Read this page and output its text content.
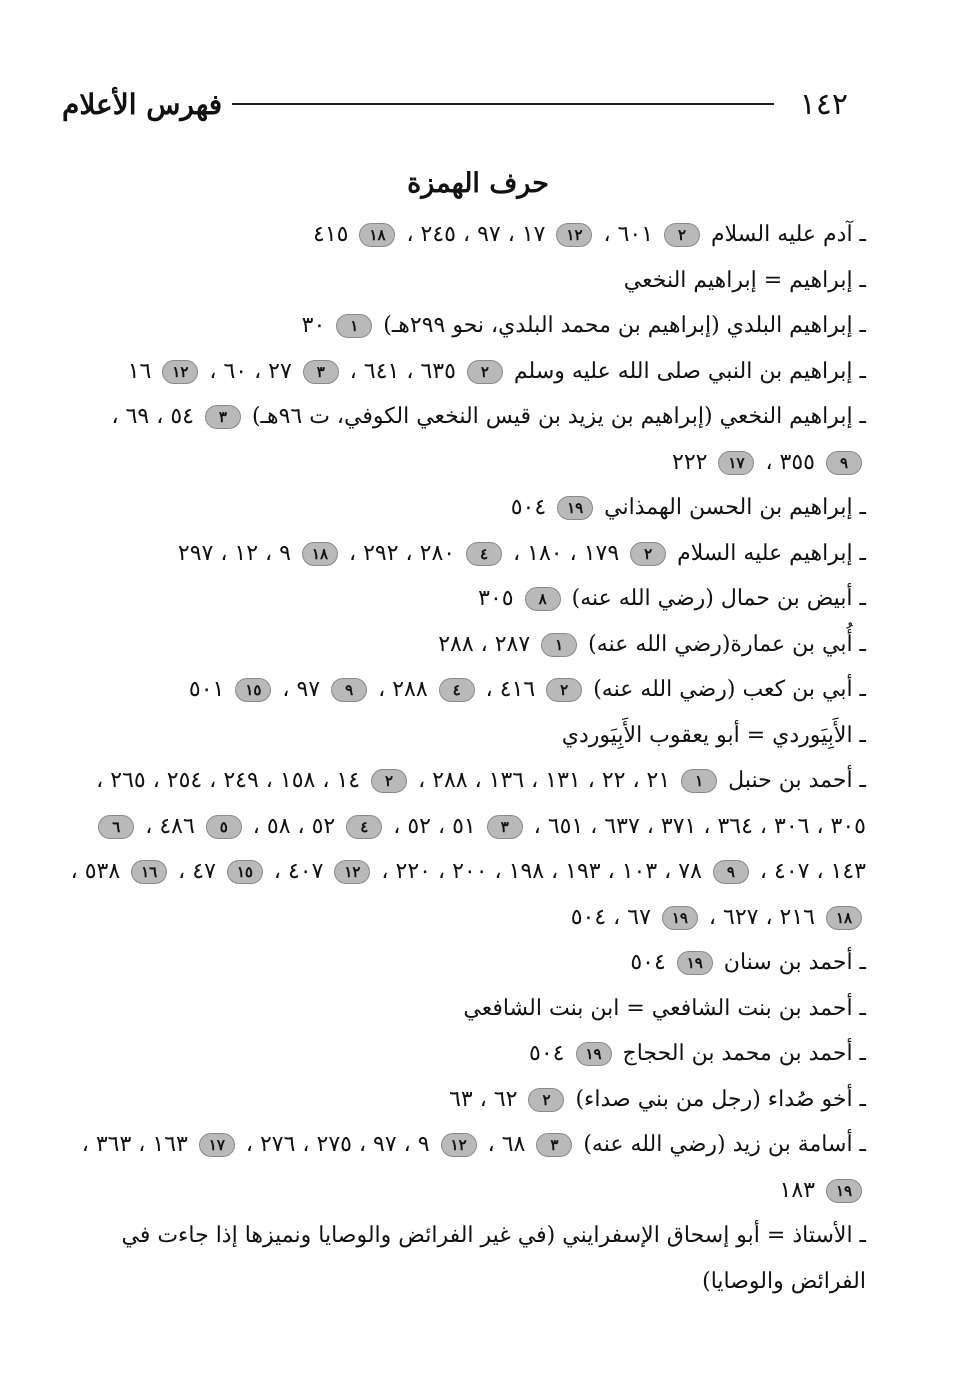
١٤٢
فهرس الأعلام
حرف الهمزة

ـ آدم عليه السلام ٢ ٦٠١ ، ١٢ ١٧ ، ٩٧ ، ٢٤٥ ، ١٨ ٤١٥

ـ إبراهيم = إبراهيم النخعي

ـ إبراهيم البلدي (إبراهيم بن محمد البلدي، نحو ٢٩٩هـ) ١ ٣٠

ـ إبراهيم بن النبي صلى الله عليه وسلم ٢ ٦٣٥ ، ٦٤١ ، ٣ ٢٧ ، ٦٠ ، ١٢ ١٦

ـ إبراهيم النخعي (إبراهيم بن يزيد بن قيس النخعي الكوفي، ت ٩٦هـ) ٣ ٥٤ ، ٦٩ ، ٩ ٣٥٥ ، ١٧ ٢٢٢

ـ إبراهيم بن الحسن الهمذاني ١٩ ٥٠٤

ـ إبراهيم عليه السلام ٢ ١٧٩ ، ١٨٠ ، ٤ ٢٨٠ ، ٢٩٢ ، ١٨ ٩ ، ١٢ ، ٢٩٧

ـ أبيض بن حمال (رضي الله عنه) ٨ ٣٠٥

ـ أُبي بن عمارة(رضي الله عنه) ١ ٢٨٧ ، ٢٨٨

ـ أبي بن كعب (رضي الله عنه) ٢ ٤١٦ ، ٤ ٢٨٨ ، ٩ ٩٧ ، ١٥ ٥٠١

ـ الأَبِيَوردي = أبو يعقوب الأَبِيَوردي

ـ أحمد بن حنبل ١ ٢١ ، ٢٢ ، ١٣١ ، ١٣٦ ، ٢٨٨ ، ٢ ١٤ ، ١٥٨ ، ٢٤٩ ، ٢٥٤ ، ٢٦٥ ، ٣٠٥ ، ٣٠٦ ، ٣٦٤ ، ٣٧١ ، ٦٣٧ ، ٦٥١ ، ٣ ٥١ ، ٥٢ ، ٤ ٥٢ ، ٥٨ ، ٥ ٤٨٦ ، ٦ ١٤٣ ، ٤٠٧ ، ٩ ٧٨ ، ١٠٣ ، ١٩٣ ، ١٩٨ ، ٢٠٠ ، ٢٢٠ ، ١٢ ٤٠٧ ، ١٥ ٤٧ ، ١٦ ٥٣٨ ، ١٨ ٢١٦ ، ٦٢٧ ، ١٩ ٦٧ ، ٥٠٤

ـ أحمد بن سنان ١٩ ٥٠٤

ـ أحمد بن بنت الشافعي = ابن بنت الشافعي

ـ أحمد بن محمد بن الحجاج ١٩ ٥٠٤

ـ أخو صُداء (رجل من بني صداء) ٢ ٦٢ ، ٦٣

ـ أسامة بن زيد (رضي الله عنه) ٣ ٦٨ ، ١٢ ٩ ، ٩٧ ، ٢٧٥ ، ٢٧٦ ، ١٧ ١٦٣ ، ٣٦٣ ، ١٩ ١٨٣

ـ الأستاذ = أبو إسحاق الإسفرايني (في غير الفرائض والوصايا ونميزها إذا جاءت في الفرائض والوصايا)
